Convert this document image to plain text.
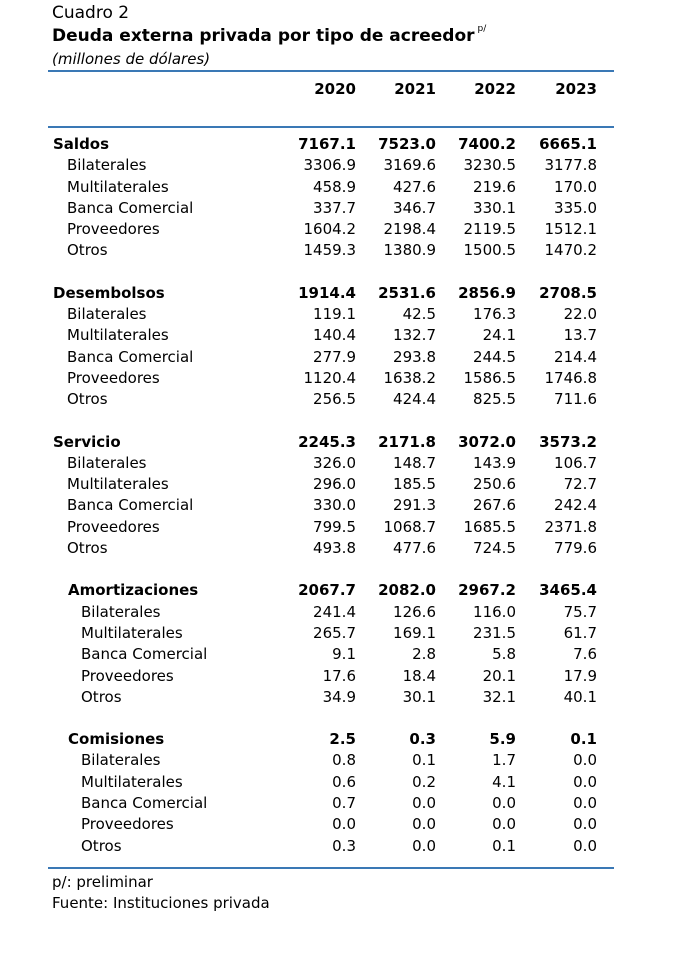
Cuadro 2
Deuda externa privada por tipo de acreedor $^{p/}$
(millones de dólares)
2020	2021	2022	2023
Saldos	7167.1	7523.0	7400.2	6665.1
Bilaterales	3306.9	3169.6	3230.5	3177.8
Multilaterales	458.9	427.6	219.6	170.0
Banca Comercial	337.7	346.7	330.1	335.0
Proveedores	1604.2	2198.4	2119.5	1512.1
Otros	1459.3	1380.9	1500.5	1470.2
Desembolsos	1914.4	2531.6	2856.9	2708.5
Bilaterales	119.1	42.5	176.3	22.0
Multilaterales	140.4	132.7	24.1	13.7
Banca Comercial	277.9	293.8	244.5	214.4
Proveedores	1120.4	1638.2	1586.5	1746.8
Otros	256.5	424.4	825.5	711.6
Servicio	2245.3	2171.8	3072.0	3573.2
Bilaterales	326.0	148.7	143.9	106.7
Multilaterales	296.0	185.5	250.6	72.7
Banca Comercial	330.0	291.3	267.6	242.4
Proveedores	799.5	1068.7	1685.5	2371.8
Otros	493.8	477.6	724.5	779.6
Amortizaciones	2067.7	2082.0	2967.2	3465.4
Bilaterales	241.4	126.6	116.0	75.7
Multilaterales	265.7	169.1	231.5	61.7
Banca Comercial	9.1	2.8	5.8	7.6
Proveedores	17.6	18.4	20.1	17.9
Otros	34.9	30.1	32.1	40.1
Comisiones	2.5	0.3	5.9	0.1
Bilaterales	0.8	0.1	1.7	0.0
Multilaterales	0.6	0.2	4.1	0.0
Banca Comercial	0.7	0.0	0.0	0.0
Proveedores	0.0	0.0	0.0	0.0
Otros	0.3	0.0	0.1	0.0
p/: preliminar
Fuente: Instituciones privada
